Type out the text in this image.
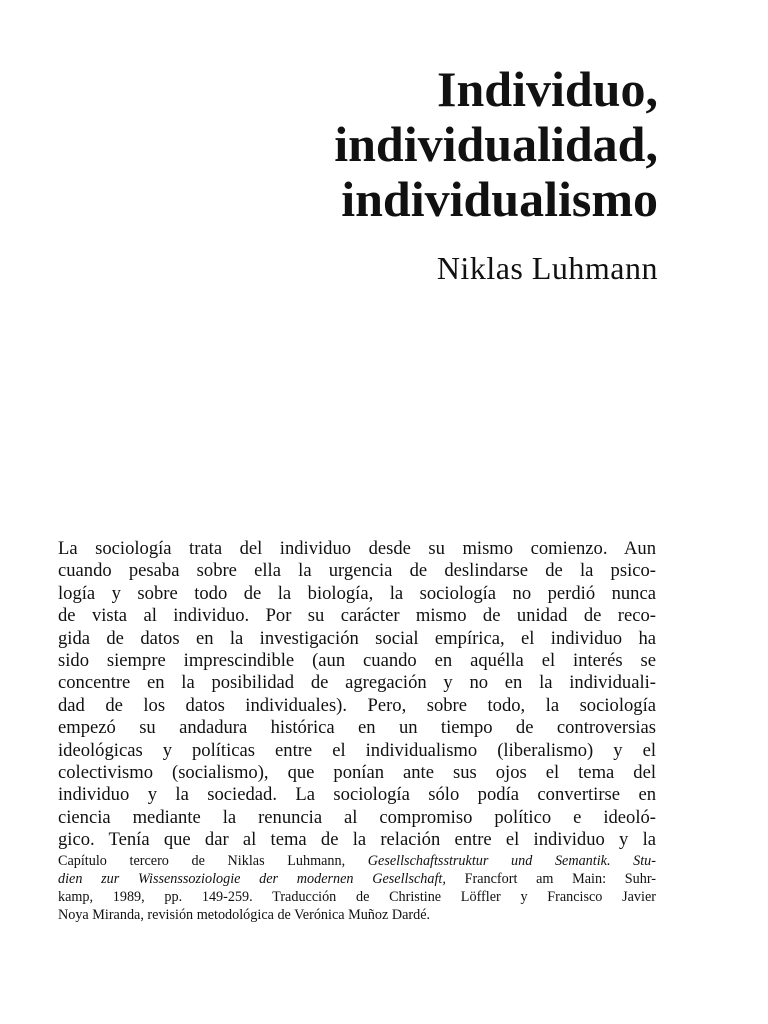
Individuo,
individualidad,
individualismo
Niklas Luhmann
La sociología trata del individuo desde su mismo comienzo. Aun
cuando pesaba sobre ella la urgencia de deslindarse de la psico-
logía y sobre todo de la biología, la sociología no perdió nunca
de vista al individuo. Por su carácter mismo de unidad de reco-
gida de datos en la investigación social empírica, el individuo ha
sido siempre imprescindible (aun cuando en aquélla el interés se
concentre en la posibilidad de agregación y no en la individuali-
dad de los datos individuales). Pero, sobre todo, la sociología
empezó su andadura histórica en un tiempo de controversias
ideológicas y políticas entre el individualismo (liberalismo) y el
colectivismo (socialismo), que ponían ante sus ojos el tema del
individuo y la sociedad. La sociología sólo podía convertirse en
ciencia mediante la renuncia al compromiso político e ideoló-
gico. Tenía que dar al tema de la relación entre el individuo y la
Capítulo tercero de Niklas Luhmann, Gesellschaftsstruktur und Semantik. Stu-
dien zur Wissenssoziologie der modernen Gesellschaft, Francfort am Main: Suhr-
kamp, 1989, pp. 149-259. Traducción de Christine Löffler y Francisco Javier
Noya Miranda, revisión metodológica de Verónica Muñoz Dardé.
